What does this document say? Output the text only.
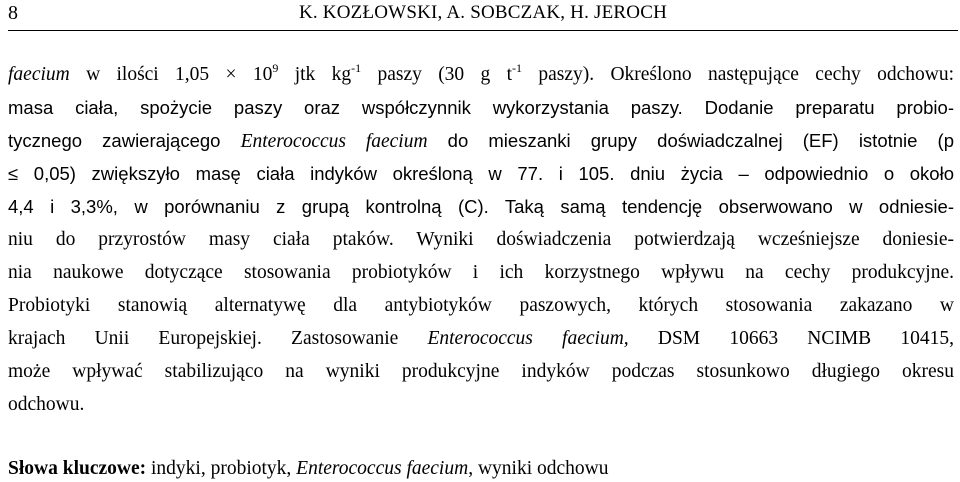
8	K. KOZŁOWSKI, A. SOBCZAK, H. JEROCH
faecium w ilości $1,05 \times 10^9$ jtk $kg^{-1}$ paszy (30 g $t^{-1}$ paszy). Określono następujące cechy odchowu:
masa ciała, spożycie paszy oraz współczynnik wykorzystania paszy. Dodanie preparatu probio-
tycznego zawierającego Enterococcus faecium do mieszanki grupy doświadczalnej (EF) istotnie (p
≤ 0,05) zwiększyło masę ciała indyków określoną w 77. i 105. dniu życia – odpowiednio o około
4,4 i 3,3%, w porównaniu z grupą kontrolną (C). Taką samą tendencję obserwowano w odniesie-
niu do przyrostów masy ciała ptaków. Wyniki doświadczenia potwierdzają wcześniejsze doniesie-
nia naukowe dotyczące stosowania probiotyków i ich korzystnego wpływu na cechy produkcyjne.
Probiotyki stanowią alternatywę dla antybiotyków paszowych, których stosowania zakazano w
krajach Unii Europejskiej. Zastosowanie Enterococcus faecium, DSM 10663 NCIMB 10415,
może wpływać stabilizująco na wyniki produkcyjne indyków podczas stosunkowo długiego okresu
odchowu.
Słowa kluczowe: indyki, probiotyk, Enterococcus faecium, wyniki odchowu
